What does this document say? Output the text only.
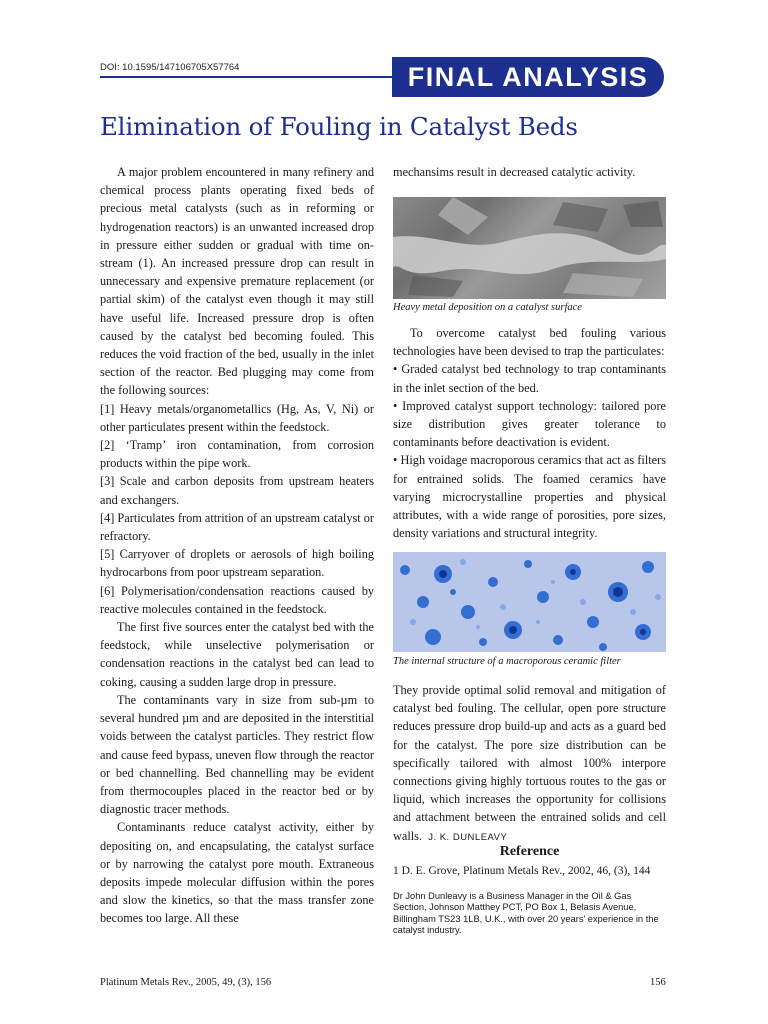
DOI: 10.1595/147106705X57764	FINAL ANALYSIS
Elimination of Fouling in Catalyst Beds

A major problem encountered in many refinery and chemical process plants operating fixed beds of precious metal catalysts (such as in reforming or hydrogenation reactors) is an unwanted increased drop in pressure either sudden or gradual with time on-stream (1). An increased pressure drop can result in unnecessary and expensive premature replacement (or partial skim) of the catalyst even though it may still have useful life. Increased pressure drop is often caused by the catalyst bed becoming fouled. This reduces the void fraction of the bed, usually in the inlet section of the reactor. Bed plugging may come from the following sources:

[1] Heavy metals/organometallics (Hg, As, V, Ni) or other particulates present within the feedstock.

[2] ‘Tramp’ iron contamination, from corrosion products within the pipe work.

[3] Scale and carbon deposits from upstream heaters and exchangers.

[4] Particulates from attrition of an upstream catalyst or refractory.

[5] Carryover of droplets or aerosols of high boiling hydrocarbons from poor upstream separation.

[6] Polymerisation/condensation reactions caused by reactive molecules contained in the feedstock.

The first five sources enter the catalyst bed with the feedstock, while unselective polymerisation or condensation reactions in the catalyst bed can lead to coking, causing a sudden large drop in pressure.

The contaminants vary in size from sub-µm to several hundred µm and are deposited in the interstitial voids between the catalyst particles. They restrict flow and cause feed bypass, uneven flow through the reactor or bed channelling. Bed channelling may be evident from thermocouples placed in the reactor bed or by diagnostic tracer methods.

Contaminants reduce catalyst activity, either by depositing on, and encapsulating, the catalyst surface or by narrowing the catalyst pore mouth. Extraneous deposits impede molecular diffusion within the pores and slow the kinetics, so that the mass transfer zone becomes too large. All these

mechansims result in decreased catalytic activity.

Heavy metal deposition on a catalyst surface

To overcome catalyst bed fouling various technologies have been devised to trap the particulates:

• Graded catalyst bed technology to trap contaminants in the inlet section of the bed.

• Improved catalyst support technology: tailored pore size distribution gives greater tolerance to contaminants before deactivation is evident.

• High voidage macroporous ceramics that act as filters for entrained solids. The foamed ceramics have varying microcrystalline properties and physical attributes, with a wide range of porosities, pore sizes, density variations and structural integrity.

The internal structure of a macroporous ceramic filter

They provide optimal solid removal and mitigation of catalyst bed fouling. The cellular, open pore structure reduces pressure drop build-up and acts as a guard bed for the catalyst. The pore size distribution can be specifically tailored with almost 100% interpore connections giving highly tortuous routes to the gas or liquid, which increases the opportunity for collisions and attachment between the entrained solids and cell walls. J. K. DUNLEAVY

Reference
1 D. E. Grove, Platinum Metals Rev., 2002, 46, (3), 144
Dr John Dunleavy is a Business Manager in the Oil & Gas Section, Johnson Matthey PCT, PO Box 1, Belasis Avenue, Billingham TS23 1LB, U.K., with over 20 years’ experience in the catalyst industry.
Platinum Metals Rev., 2005, 49, (3), 156	156
